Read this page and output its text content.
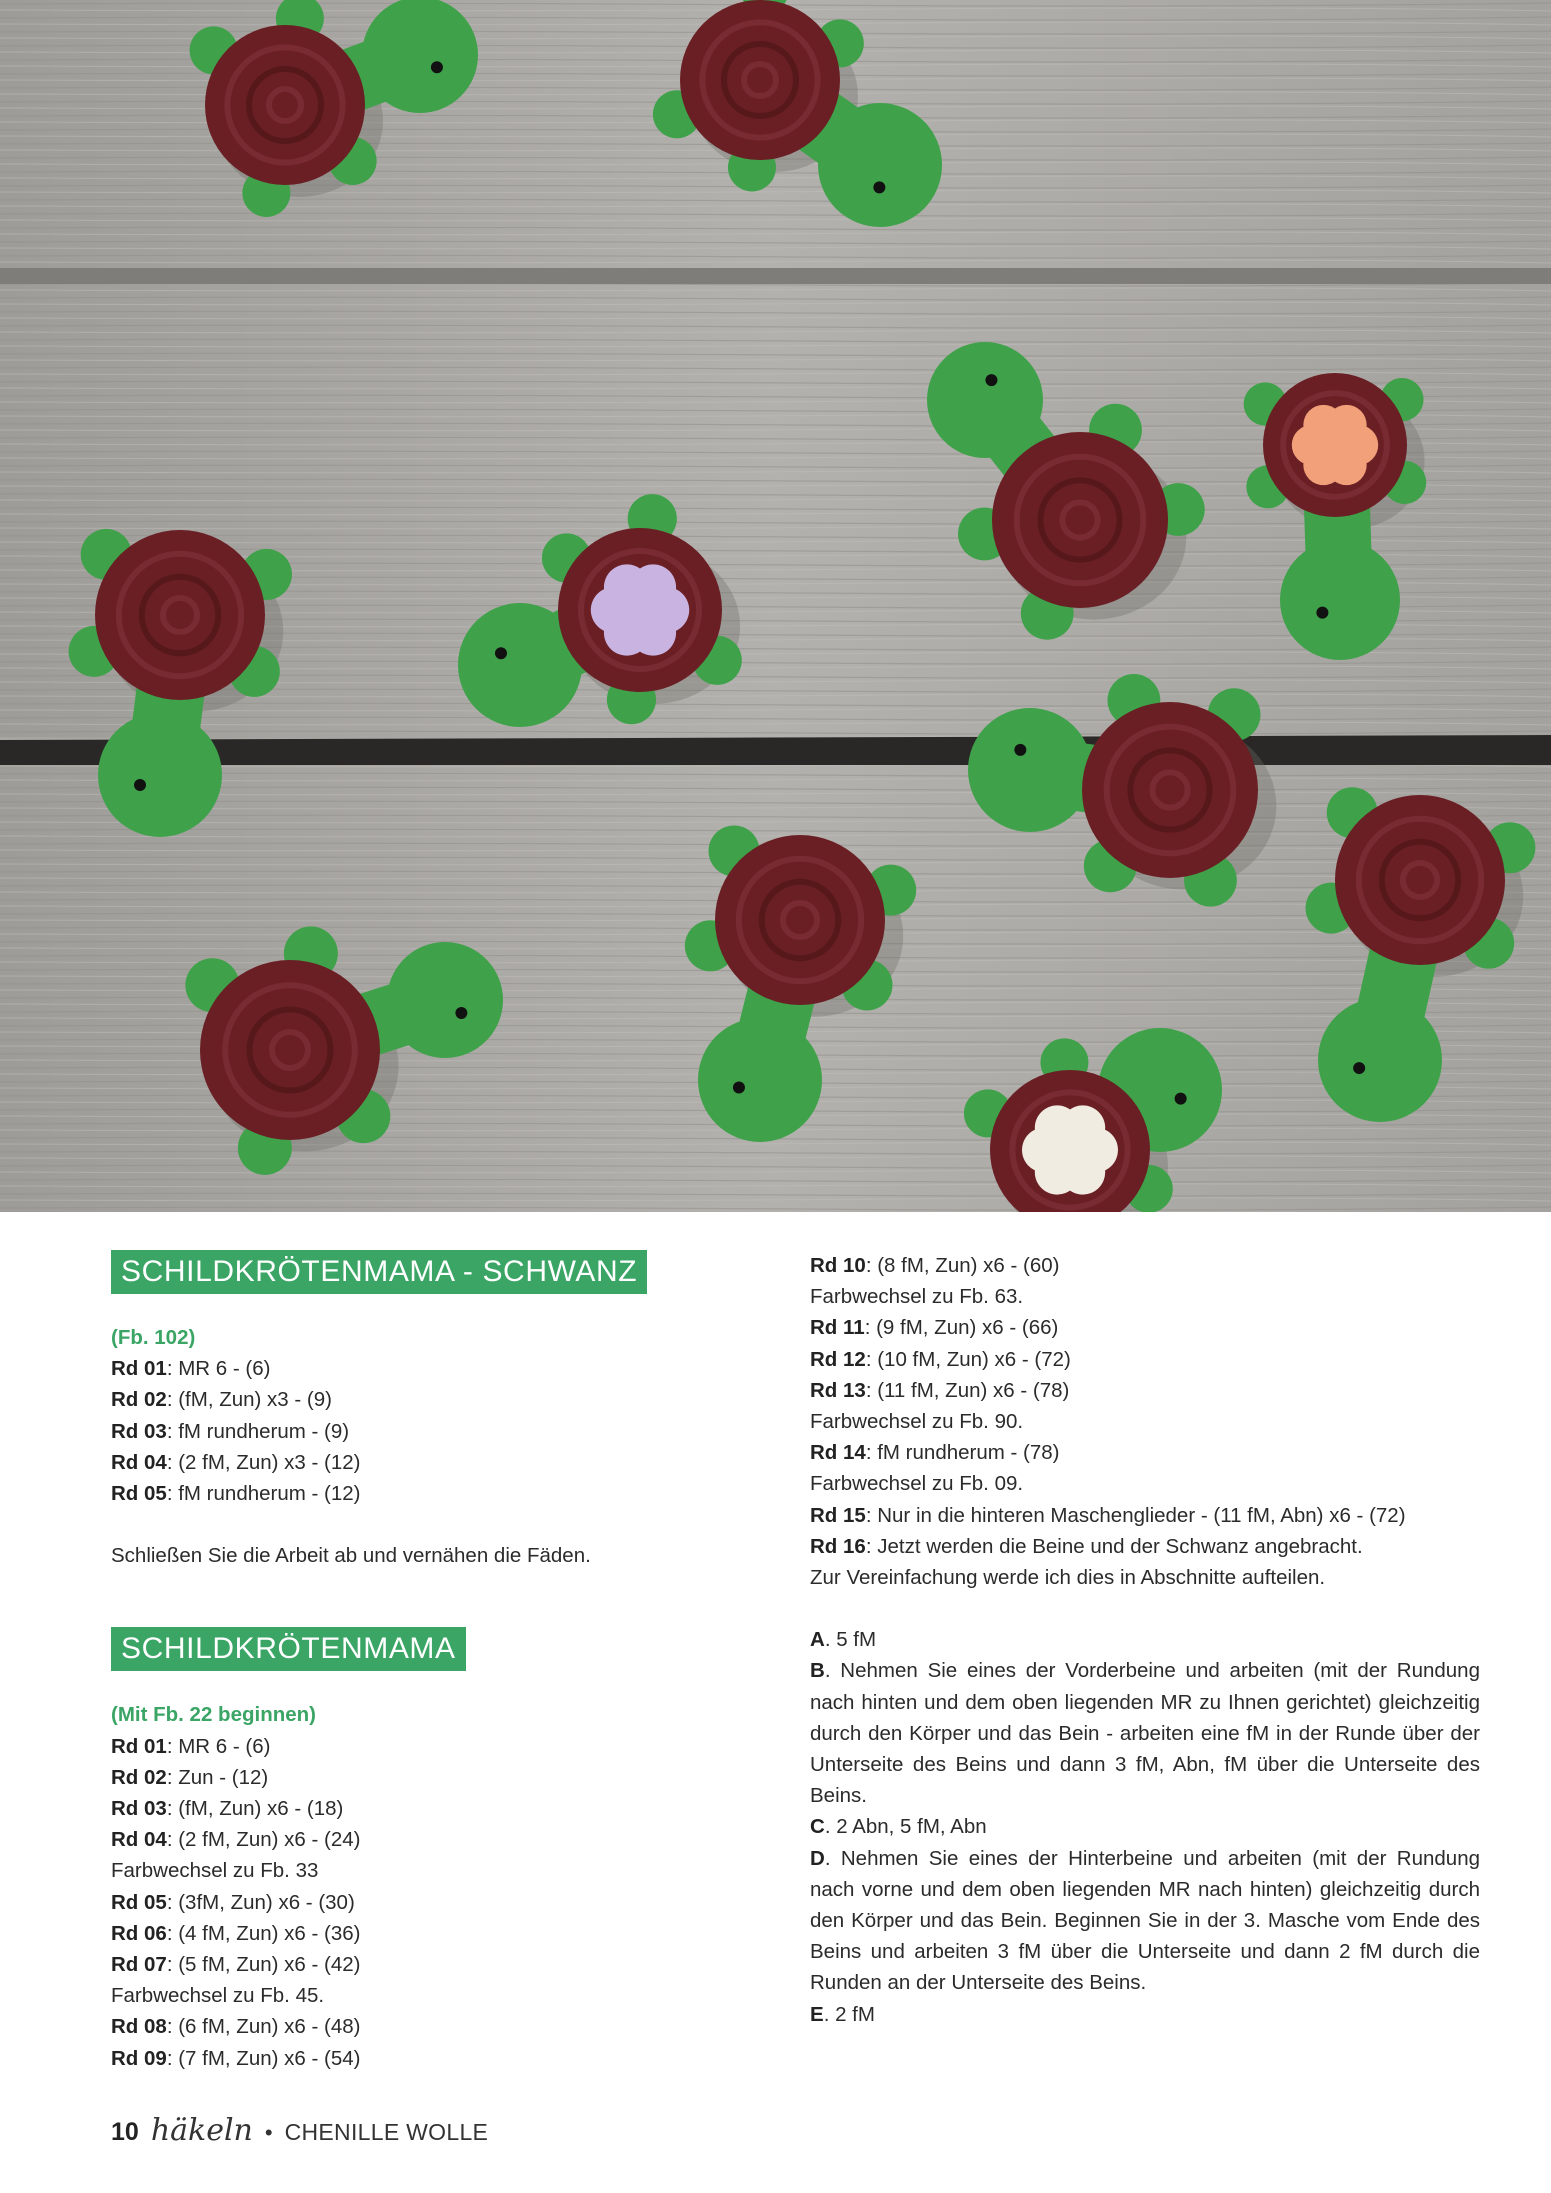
SCHILDKRÖTENMAMA - SCHWANZ
(Fb. 102)
Rd 01: MR 6 - (6)
Rd 02: (fM, Zun) x3 - (9)
Rd 03: fM rundherum - (9)
Rd 04: (2 fM, Zun) x3 - (12)
Rd 05: fM rundherum - (12)
Schließen Sie die Arbeit ab und vernähen die Fäden.
SCHILDKRÖTENMAMA
(Mit Fb. 22 beginnen)
Rd 01: MR 6 - (6)
Rd 02: Zun - (12)
Rd 03: (fM, Zun) x6 - (18)
Rd 04: (2 fM, Zun) x6 - (24)
Farbwechsel zu Fb. 33
Rd 05: (3fM, Zun) x6 - (30)
Rd 06: (4 fM, Zun) x6 - (36)
Rd 07: (5 fM, Zun) x6 - (42)
Farbwechsel zu Fb. 45.
Rd 08: (6 fM, Zun) x6 - (48)
Rd 09: (7 fM, Zun) x6 - (54)
Rd 10: (8 fM, Zun) x6 - (60)
Farbwechsel zu Fb. 63.
Rd 11: (9 fM, Zun) x6 - (66)
Rd 12: (10 fM, Zun) x6 - (72)
Rd 13: (11 fM, Zun) x6 - (78)
Farbwechsel zu Fb. 90.
Rd 14: fM rundherum - (78)
Farbwechsel zu Fb. 09.
Rd 15: Nur in die hinteren Maschenglieder - (11 fM, Abn) x6 - (72)
Rd 16: Jetzt werden die Beine und der Schwanz angebracht.
Zur Vereinfachung werde ich dies in Abschnitte aufteilen.
A. 5 fM
B. Nehmen Sie eines der Vorderbeine und arbeiten (mit der Rundung nach hinten und dem oben liegenden MR zu Ihnen gerichtet) gleichzeitig durch den Körper und das Bein - arbeiten eine fM in der Runde über der Unterseite des Beins und dann 3 fM, Abn, fM über die Unterseite des Beins.
C. 2 Abn, 5 fM, Abn
D. Nehmen Sie eines der Hinterbeine und arbeiten (mit der Rundung nach vorne und dem oben liegenden MR nach hinten) gleichzeitig durch den Körper und das Bein. Beginnen Sie in der 3. Masche vom Ende des Beins und arbeiten 3 fM über die Unterseite und dann 2 fM durch die Runden an der Unterseite des Beins.
E. 2 fM
10 häkeln • CHENILLE WOLLE
